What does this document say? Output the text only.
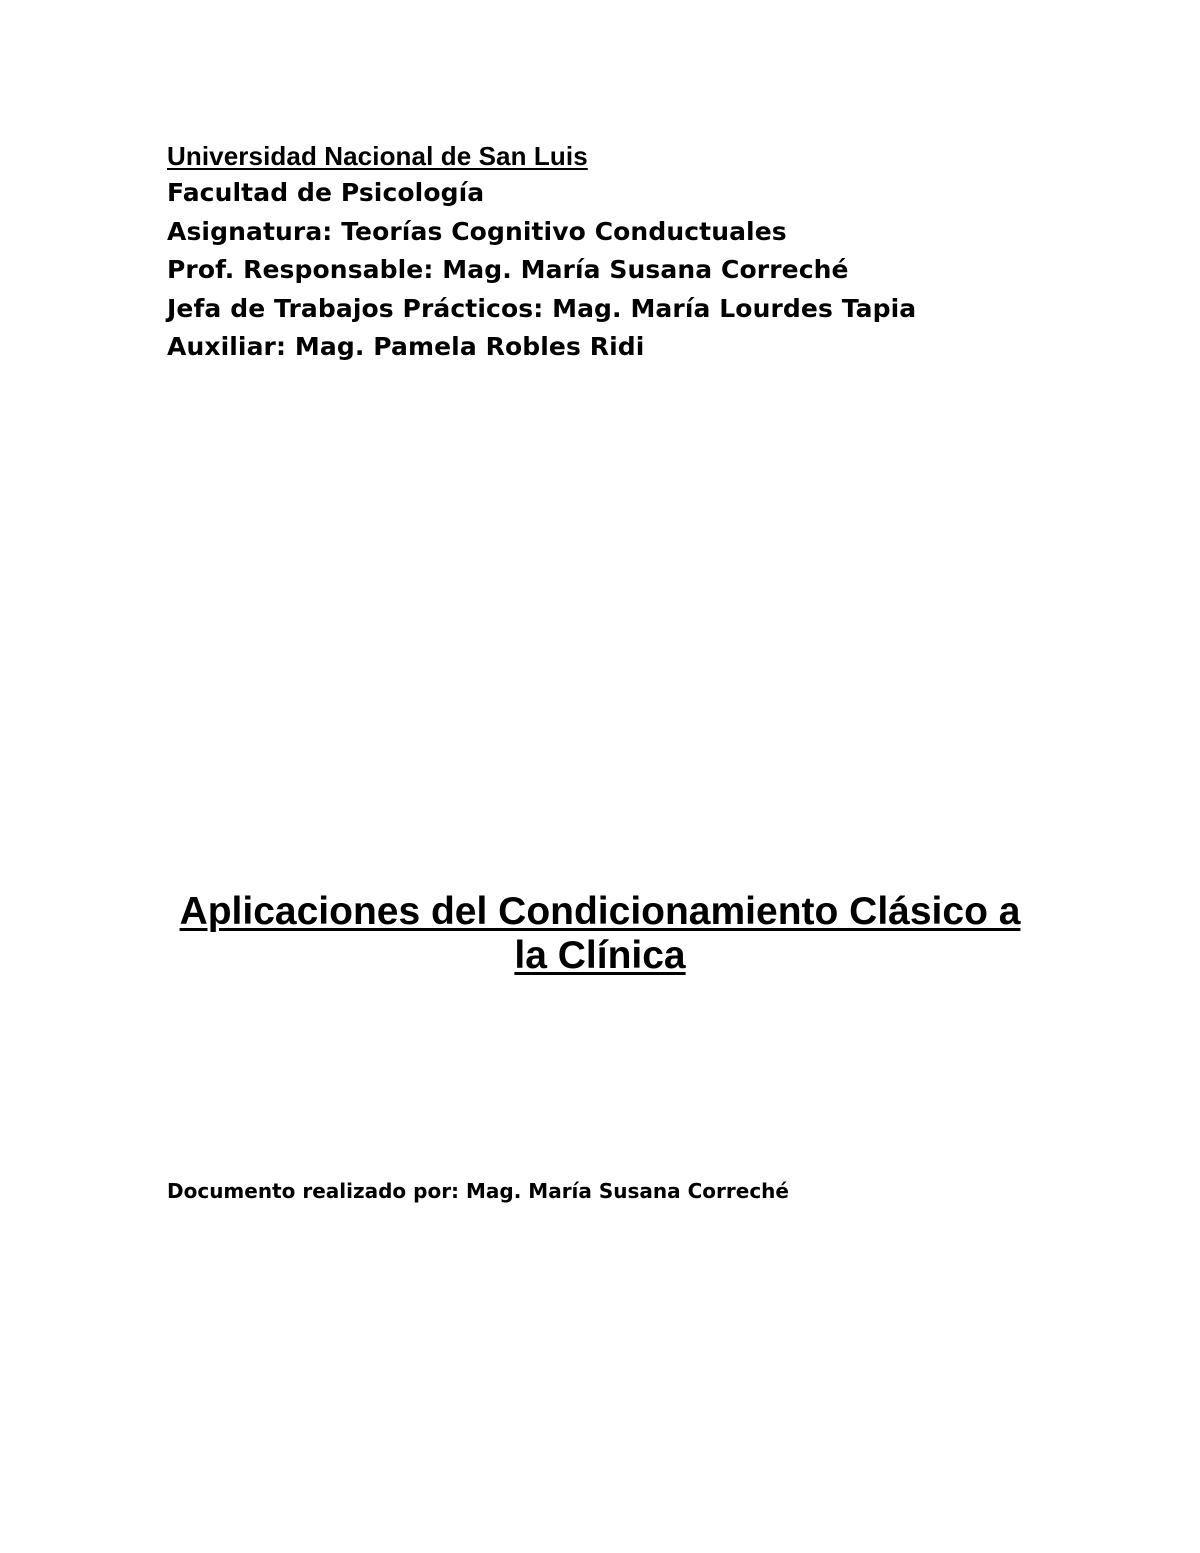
Universidad Nacional de San Luis
Facultad de Psicología
Asignatura: Teorías Cognitivo Conductuales
Prof. Responsable: Mag. María Susana Correché
Jefa de Trabajos Prácticos: Mag. María Lourdes Tapia
Auxiliar: Mag. Pamela Robles Ridi
Aplicaciones del Condicionamiento Clásico a
la Clínica
Documento realizado por: Mag. María Susana Correché
